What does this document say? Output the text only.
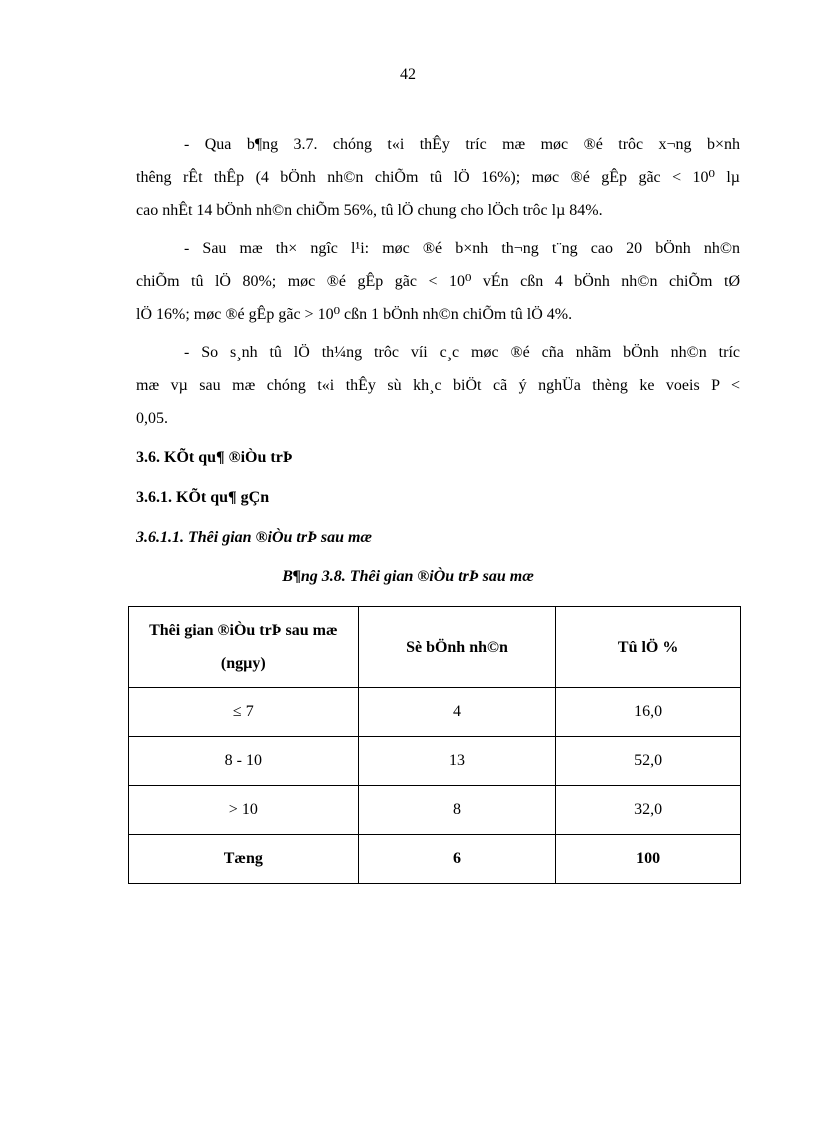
42

- Qua b¶ng 3.7. chóng t«i thÊy tríc mæ møc ®é trôc x¬ng b×nh
thêng rÊt thÊp (4 bÖnh nh©n chiÕm tû lÖ 16%); møc ®é gÊp gãc < 10⁰ lµ
cao nhÊt 14 bÖnh nh©n chiÕm 56%, tû lÖ chung cho lÖch trôc lµ 84%.

- Sau mæ th× ngîc l¹i: møc ®é b×nh th¬ng t¨ng cao 20 bÖnh nh©n
chiÕm tû lÖ 80%; møc ®é gÊp gãc < 10⁰ vÉn cßn 4 bÖnh nh©n chiÕm tØ
lÖ 16%; møc ®é gÊp gãc > 10⁰ cßn 1 bÖnh nh©n chiÕm tû lÖ 4%.

- So s¸nh tû lÖ th¼ng trôc víi c¸c møc ®é cña nhãm bÖnh nh©n tríc
mæ vµ sau mæ chóng t«i thÊy sù kh¸c biÖt cã ý nghÜa thèng ke voeis P <
0,05.

3.6. KÕt qu¶ ®iÒu trÞ
3.6.1. KÕt qu¶ gÇn
3.6.1.1. Thêi gian ®iÒu trÞ sau mæ

B¶ng 3.8. Thêi gian ®iÒu trÞ sau mæ

Thêi gian ®iÒu trÞ sau mæ (ngµy)	Sè bÖnh nh©n	Tû lÖ %
≤ 7	4	16,0
8 - 10	13	52,0
> 10	8	32,0
Tæng	6	100
